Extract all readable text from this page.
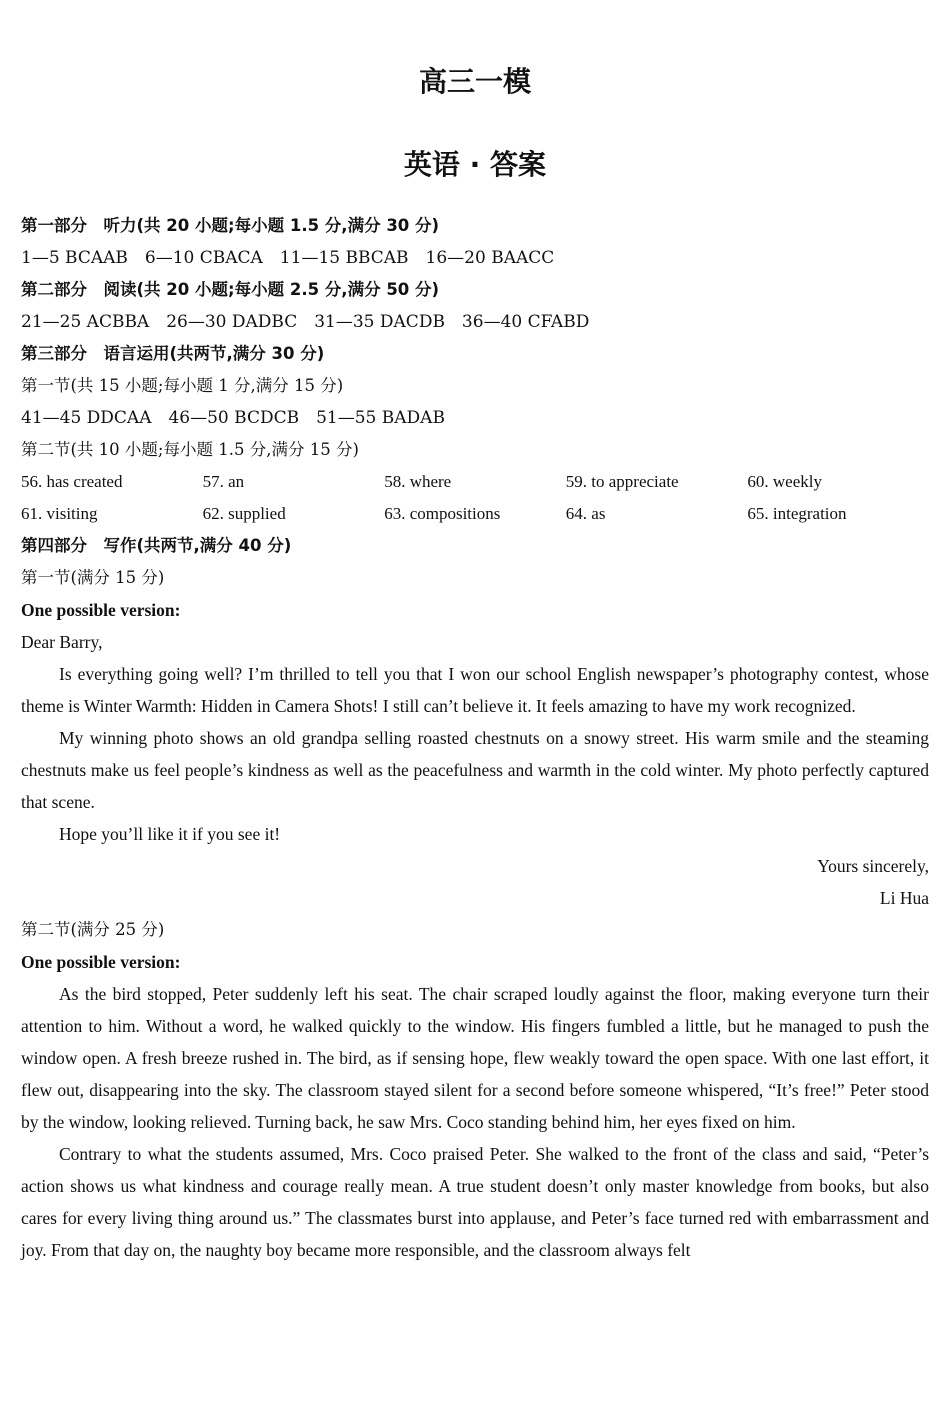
高三一模
英语 · 答案
第一部分　听力(共 20 小题;每小题 1.5 分,满分 30 分)
1—5 BCAAB　6—10 CBACA　11—15 BBCAB　16—20 BAACC
第二部分　阅读(共 20 小题;每小题 2.5 分,满分 50 分)
21—25 ACBBA　26—30 DADBC　31—35 DACDB　36—40 CFABD
第三部分　语言运用(共两节,满分 30 分)
第一节(共 15 小题;每小题 1 分,满分 15 分)
41—45 DDCAA　46—50 BCDCB　51—55 BADAB
第二节(共 10 小题;每小题 1.5 分,满分 15 分)
56. has created	57. an	58. where	59. to appreciate	60. weekly
61. visiting	62. supplied	63. compositions	64. as	65. integration
第四部分　写作(共两节,满分 40 分)
第一节(满分 15 分)
One possible version:
Dear Barry,

Is everything going well? I’m thrilled to tell you that I won our school English newspaper’s photography contest, whose theme is Winter Warmth: Hidden in Camera Shots! I still can’t believe it. It feels amazing to have my work recognized.

My winning photo shows an old grandpa selling roasted chestnuts on a snowy street. His warm smile and the steaming chestnuts make us feel people’s kindness as well as the peacefulness and warmth in the cold winter. My photo perfectly captured that scene.

Hope you’ll like it if you see it!

Yours sincerely,

Li Hua

第二节(满分 25 分)
One possible version:

As the bird stopped, Peter suddenly left his seat. The chair scraped loudly against the floor, making everyone turn their attention to him. Without a word, he walked quickly to the window. His fingers fumbled a little, but he managed to push the window open. A fresh breeze rushed in. The bird, as if sensing hope, flew weakly toward the open space. With one last effort, it flew out, disappearing into the sky. The classroom stayed silent for a second before someone whispered, “It’s free!” Peter stood by the window, looking relieved. Turning back, he saw Mrs. Coco standing behind him, her eyes fixed on him.

Contrary to what the students assumed, Mrs. Coco praised Peter. She walked to the front of the class and said, “Peter’s action shows us what kindness and courage really mean. A true student doesn’t only master knowledge from books, but also cares for every living thing around us.” The classmates burst into applause, and Peter’s face turned red with embarrassment and joy. From that day on, the naughty boy became more responsible, and the classroom always felt
